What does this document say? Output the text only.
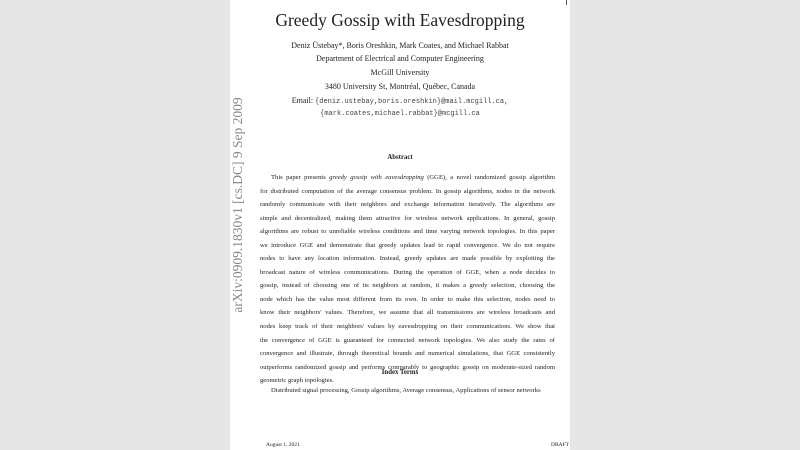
Greedy Gossip with Eavesdropping
Deniz Üstebay*, Boris Oreshkin, Mark Coates, and Michael Rabbat
Department of Electrical and Computer Engineering
McGill University
3480 University St, Montréal, Québec, Canada
Email: {deniz.ustebay,boris.oreshkin}@mail.mcgill.ca,
{mark.coates,michael.rabbat}@mcgill.ca
Abstract
This paper presents greedy gossip with eavesdropping (GGE), a novel randomized gossip algorithm
for distributed computation of the average consensus problem. In gossip algorithms, nodes in the network
randomly communicate with their neighbors and exchange information iteratively. The algorithms are
simple and decentralized, making them attractive for wireless network applications. In general, gossip
algorithms are robust to unreliable wireless conditions and time varying network topologies. In this paper
we introduce GGE and demonstrate that greedy updates lead to rapid convergence. We do not require
nodes to have any location information. Instead, greedy updates are made possible by exploiting the
broadcast nature of wireless communications. During the operation of GGE, when a node decides to
gossip, instead of choosing one of its neighbors at random, it makes a greedy selection, choosing the
node which has the value most different from its own. In order to make this selection, nodes need to
know their neighbors' values. Therefore, we assume that all transmissions are wireless broadcasts and
nodes keep track of their neighbors' values by eavesdropping on their communications. We show that
the convergence of GGE is guaranteed for connected network topologies. We also study the rates of
convergence and illustrate, through theoretical bounds and numerical simulations, that GGE consistently
outperforms randomized gossip and performs comparably to geographic gossip on moderate-sized random
geometric graph topologies.
Index Terms
Distributed signal processing, Gossip algorithms, Average consensus, Applications of sensor networks
arXiv:0909.1830v1 [cs.DC] 9 Sep 2009
August 1, 2021	DRAFT
